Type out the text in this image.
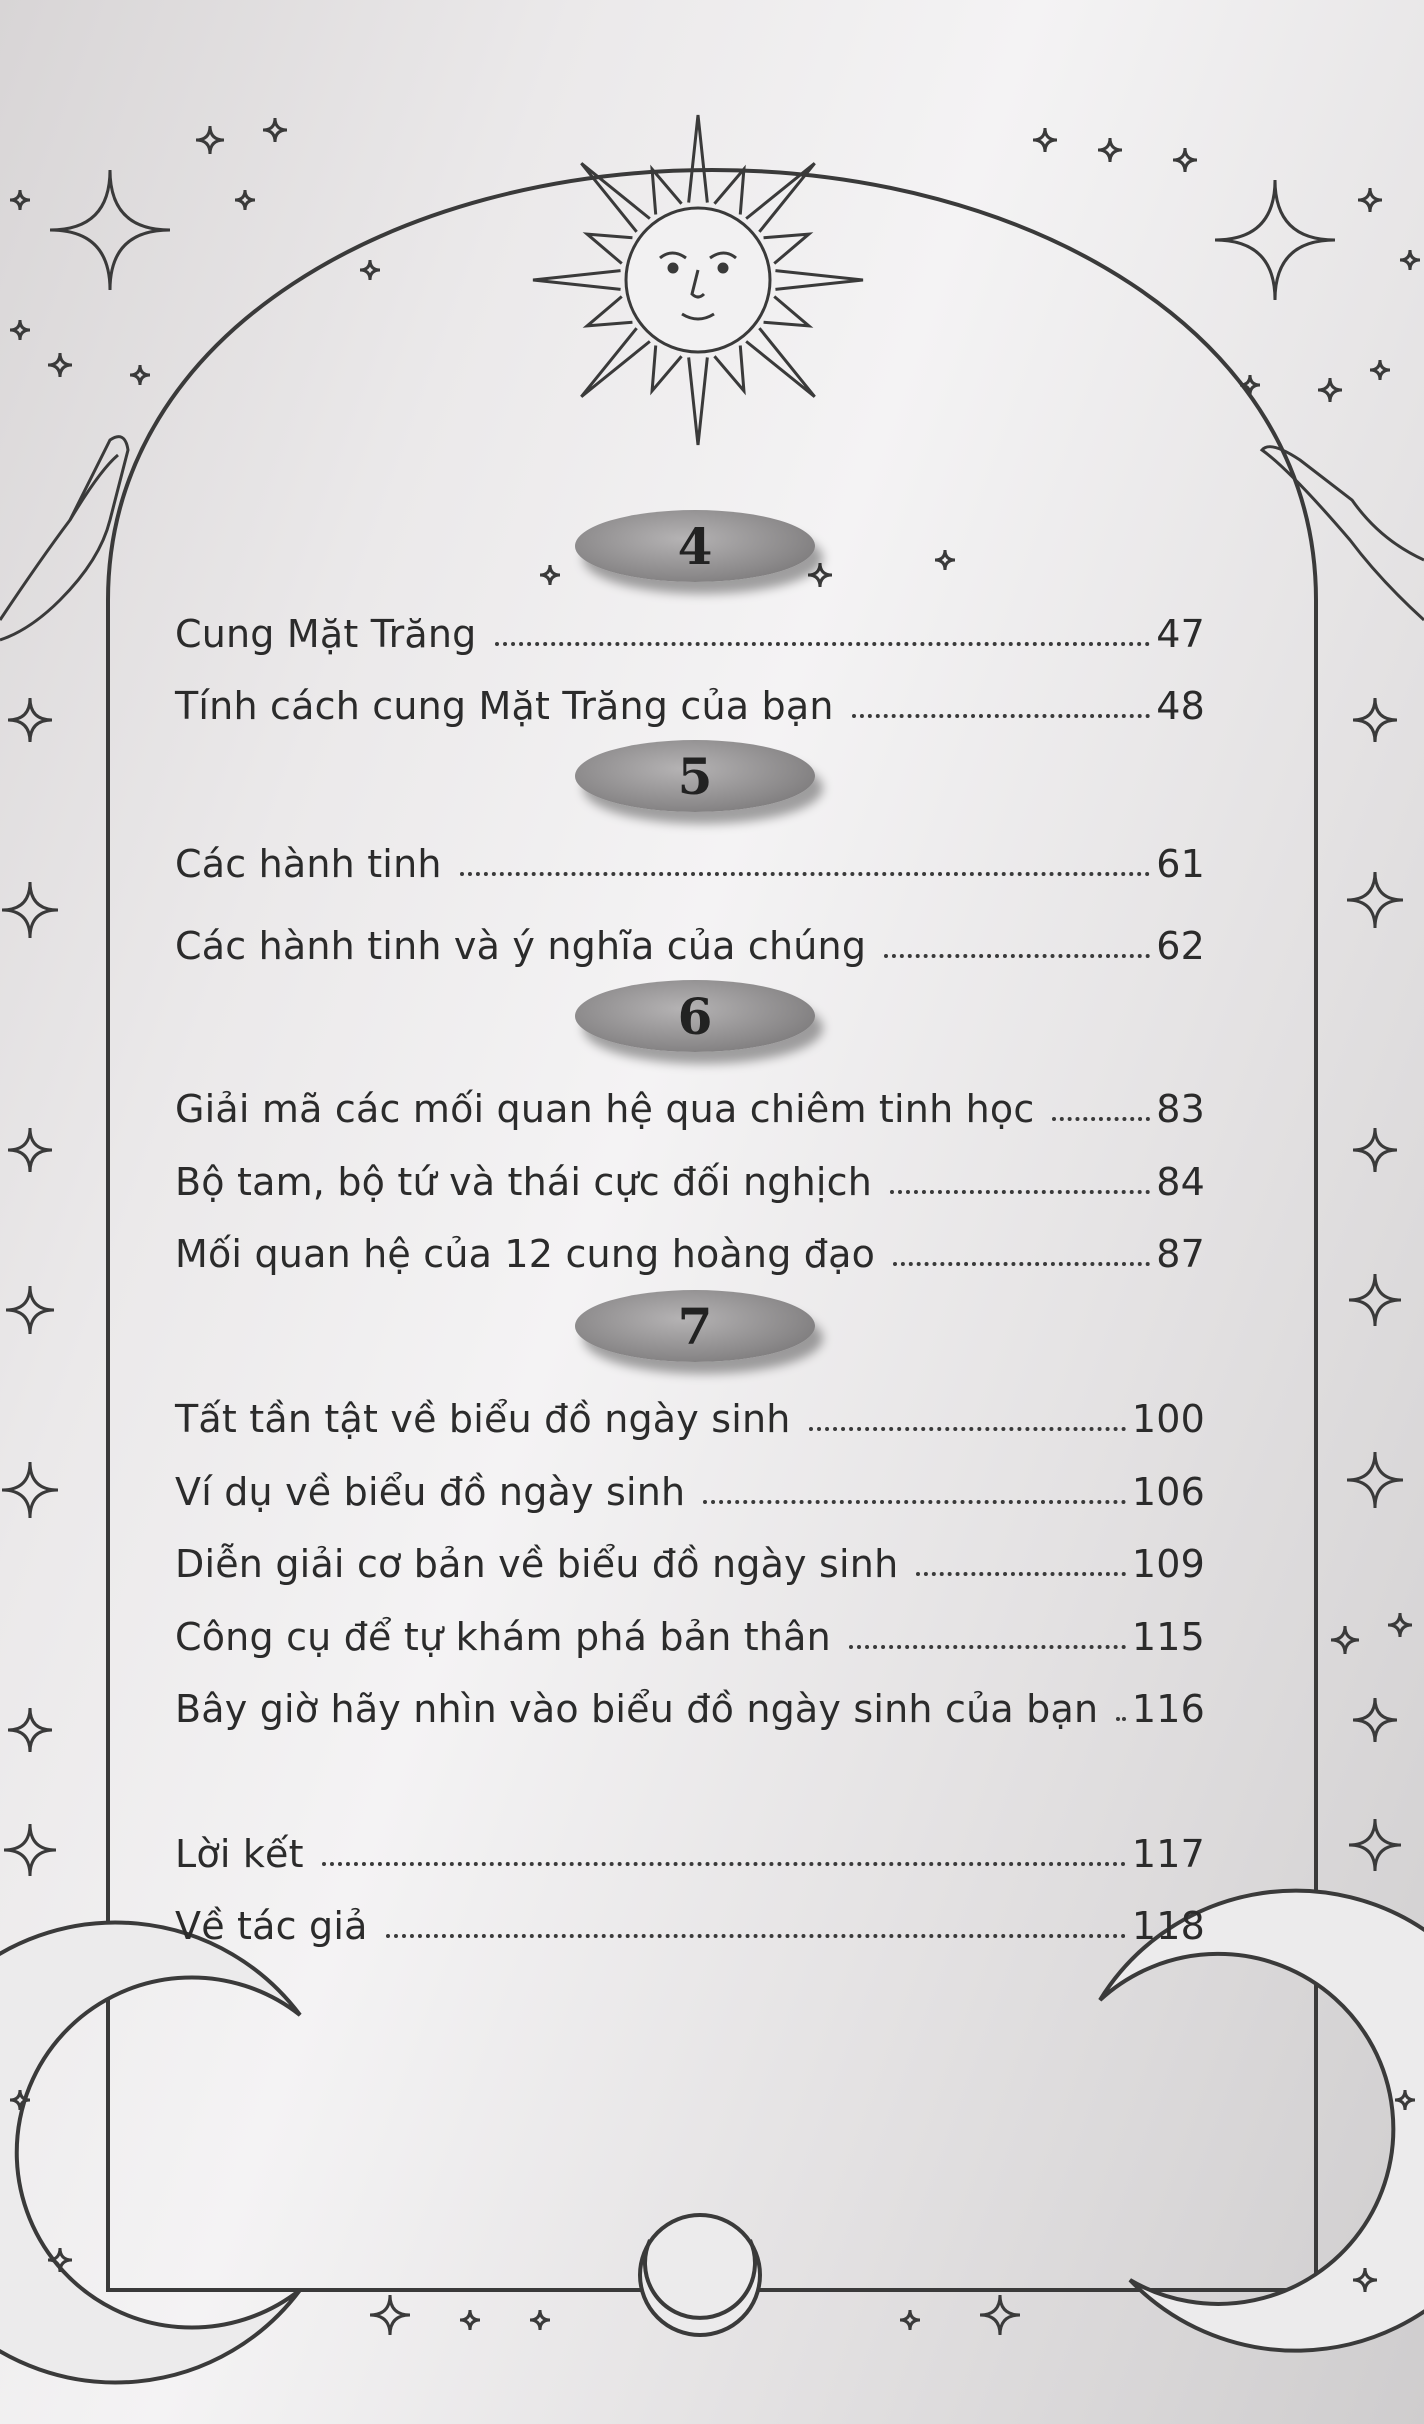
4
Cung Mặt Trăng	47
Tính cách cung Mặt Trăng của bạn	48
5
Các hành tinh	61
Các hành tinh và ý nghĩa của chúng	62
6
Giải mã các mối quan hệ qua chiêm tinh học	83
Bộ tam, bộ tứ và thái cực đối nghịch	84
Mối quan hệ của 12 cung hoàng đạo	87
7
Tất tần tật về biểu đồ ngày sinh	100
Ví dụ về biểu đồ ngày sinh	106
Diễn giải cơ bản về biểu đồ ngày sinh	109
Công cụ để tự khám phá bản thân	115
Bây giờ hãy nhìn vào biểu đồ ngày sinh của bạn 116
Lời kết	117
Về tác giả	118
